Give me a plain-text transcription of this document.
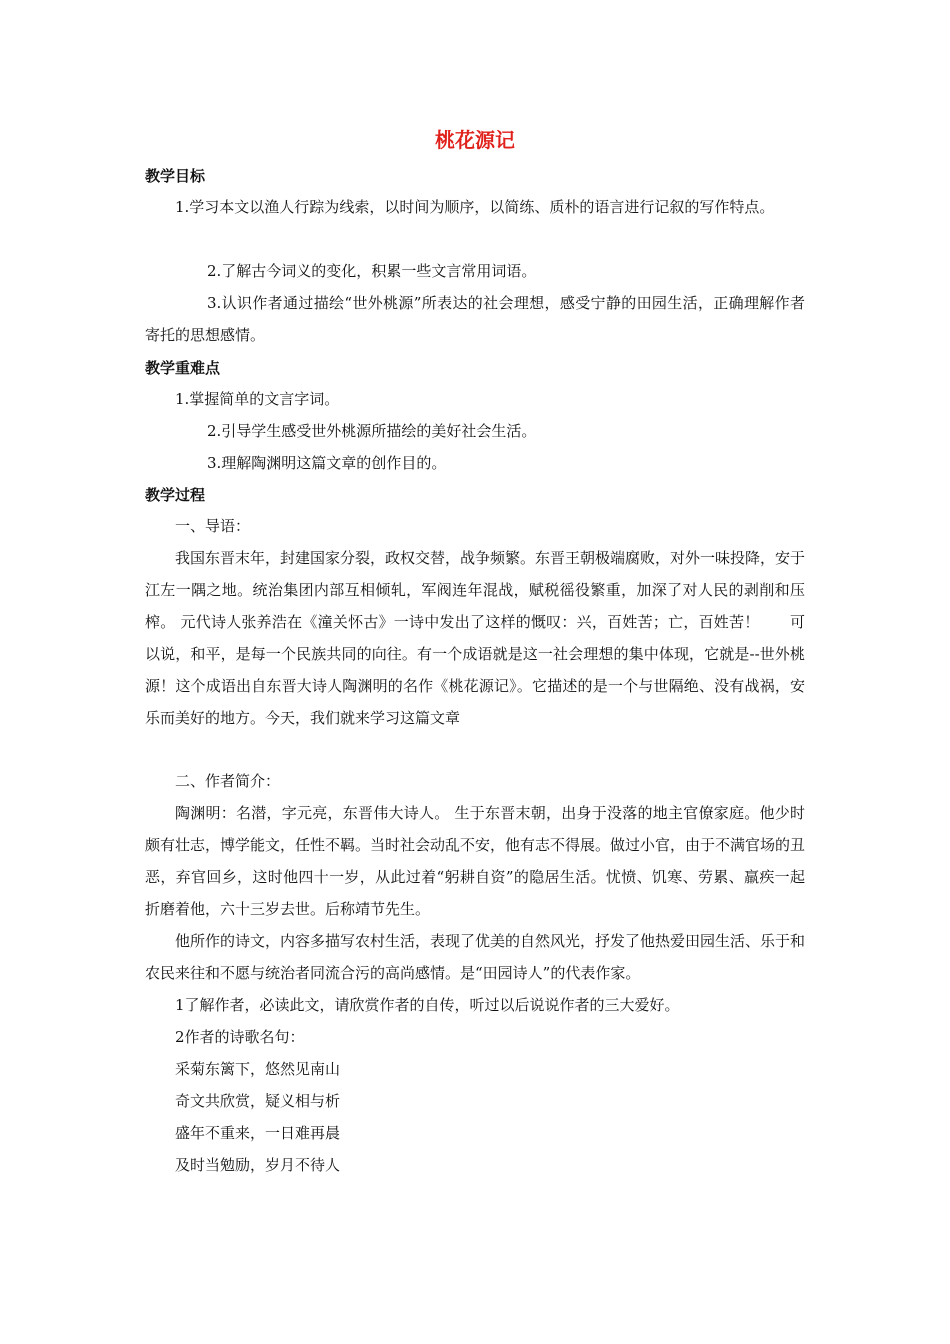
桃花源记
教学目标

1.学习本文以渔人行踪为线索，以时间为顺序，以简练、质朴的语言进行记叙的写作特点。

2.了解古今词义的变化，积累一些文言常用词语。

3.认识作者通过描绘“世外桃源”所表达的社会理想，感受宁静的田园生活，正确理解作者寄托的思想感情。

教学重难点

1.掌握简单的文言字词。

2.引导学生感受世外桃源所描绘的美好社会生活。

3.理解陶渊明这篇文章的创作目的。

教学过程

一、导语：

我国东晋末年，封建国家分裂，政权交替，战争频繁。东晋王朝极端腐败，对外一味投降，安于江左一隅之地。统治集团内部互相倾轧，军阀连年混战，赋税徭役繁重，加深了对人民的剥削和压榨。 元代诗人张养浩在《潼关怀古》一诗中发出了这样的慨叹：兴，百姓苦；亡，百姓苦！　　可以说，和平，是每一个民族共同的向往。有一个成语就是这一社会理想的集中体现，它就是--世外桃源！这个成语出自东晋大诗人陶渊明的名作《桃花源记》。它描述的是一个与世隔绝、没有战祸，安乐而美好的地方。今天，我们就来学习这篇文章

二、作者简介：

陶渊明：名潜，字元亮，东晋伟大诗人。 生于东晋末朝，出身于没落的地主官僚家庭。他少时颇有壮志，博学能文，任性不羁。当时社会动乱不安，他有志不得展。做过小官，由于不满官场的丑恶，弃官回乡，这时他四十一岁，从此过着“躬耕自资”的隐居生活。忧愤、饥寒、劳累、羸疾一起折磨着他，六十三岁去世。后称靖节先生。

他所作的诗文，内容多描写农村生活，表现了优美的自然风光，抒发了他热爱田园生活、乐于和农民来往和不愿与统治者同流合污的高尚感情。是“田园诗人”的代表作家。

1了解作者，必读此文，请欣赏作者的自传，听过以后说说作者的三大爱好。

2作者的诗歌名句：

采菊东篱下，悠然见南山

奇文共欣赏，疑义相与析

盛年不重来，一日难再晨

及时当勉励，岁月不待人
